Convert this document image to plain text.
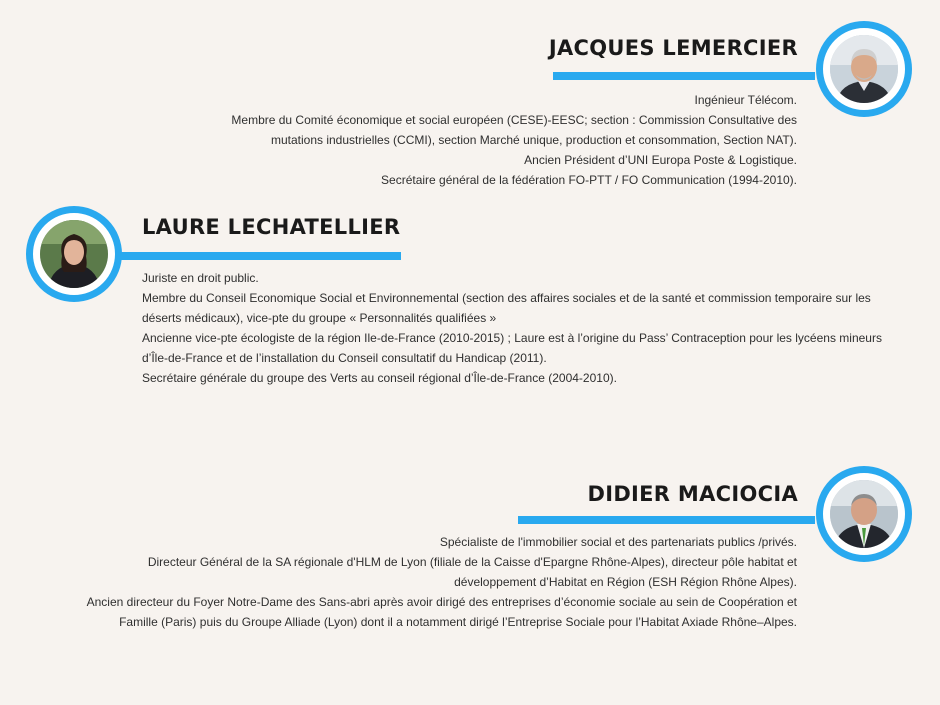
JACQUES LEMERCIER

Ingénieur Télécom.

Membre du Comité économique et social européen (CESE)-EESC; section : Commission Consultative des mutations industrielles (CCMI), section Marché unique, production et consommation, Section NAT).

Ancien Président d’UNI Europa Poste & Logistique.

Secrétaire général de la fédération FO-PTT / FO Communication (1994-2010).

LAURE LECHATELLIER

Juriste en droit public.

Membre du Conseil Economique Social et Environnemental (section des affaires sociales et de la santé et commission temporaire sur les déserts médicaux), vice-pte du groupe « Personnalités qualifiées »

Ancienne vice-pte écologiste de la région Ile-de-France (2010-2015) ; Laure est à l’origine du Pass’ Contraception pour les lycéens mineurs d’Île-de-France et de l’installation du Conseil consultatif du Handicap (2011).

Secrétaire générale du groupe des Verts au conseil régional d’Île-de-France (2004-2010).

DIDIER MACIOCIA

Spécialiste de l'immobilier social et des partenariats publics /privés.

Directeur Général de la SA régionale d'HLM de Lyon (filiale de la Caisse d'Epargne Rhône-Alpes), directeur pôle habitat et développement d’Habitat en Région (ESH Région Rhône Alpes).

Ancien directeur du Foyer Notre-Dame des Sans-abri après avoir dirigé des entreprises d’économie sociale au sein de Coopération et Famille (Paris) puis du Groupe Alliade (Lyon) dont il a notamment dirigé l’Entreprise Sociale pour l’Habitat Axiade Rhône–Alpes.
